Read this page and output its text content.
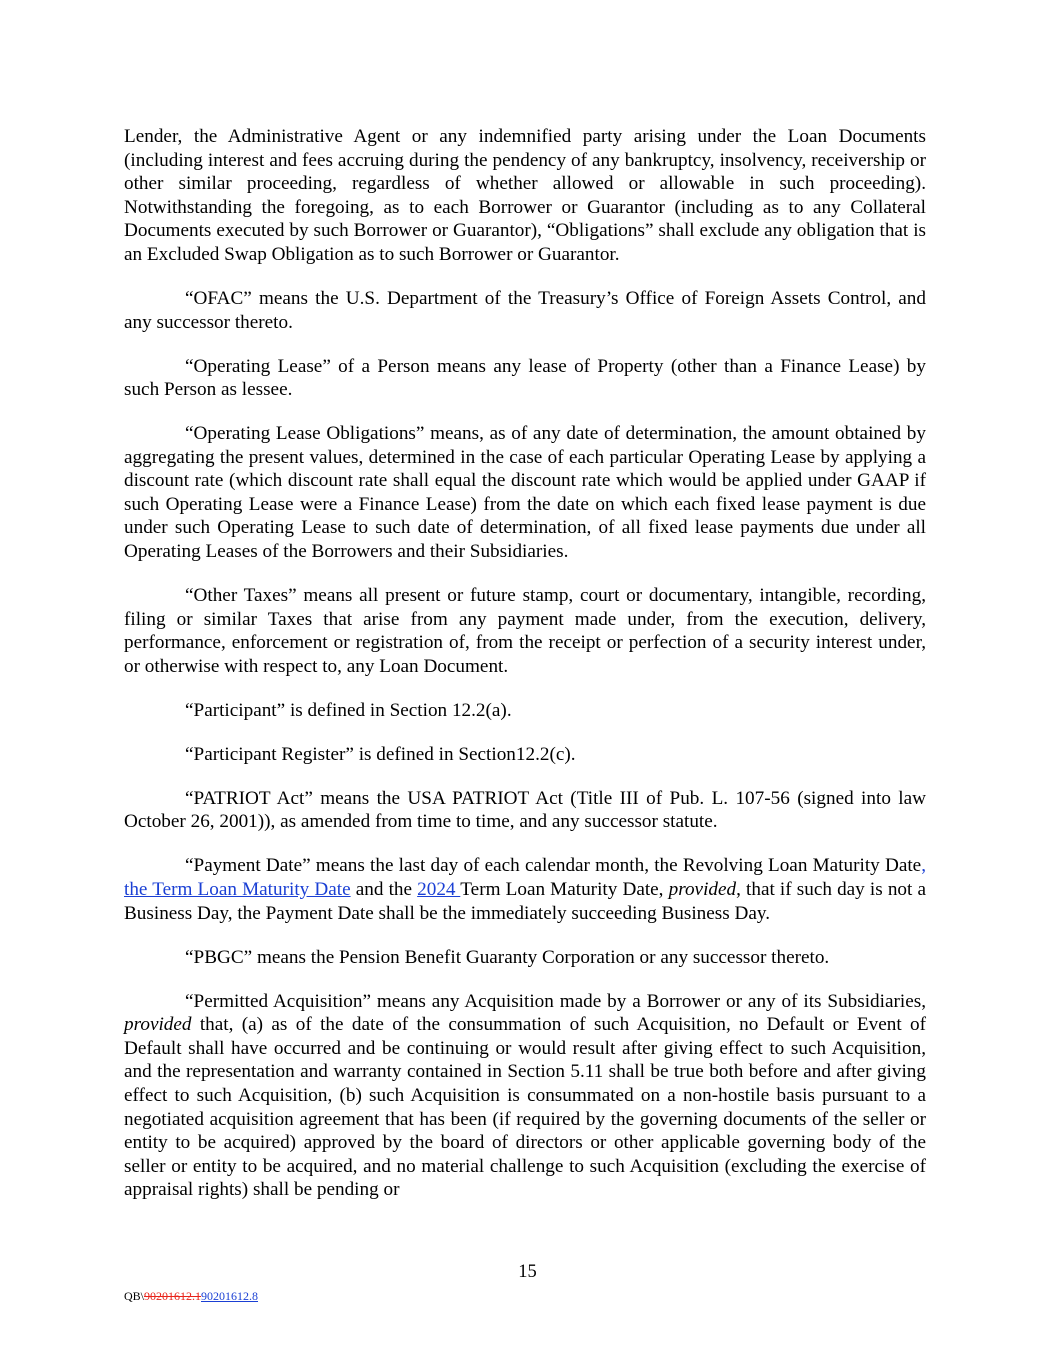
Lender, the Administrative Agent or any indemnified party arising under the Loan Documents (including interest and fees accruing during the pendency of any bankruptcy, insolvency, receivership or other similar proceeding, regardless of whether allowed or allowable in such proceeding). Notwithstanding the foregoing, as to each Borrower or Guarantor (including as to any Collateral Documents executed by such Borrower or Guarantor), “Obligations” shall exclude any obligation that is an Excluded Swap Obligation as to such Borrower or Guarantor.

“OFAC” means the U.S. Department of the Treasury’s Office of Foreign Assets Control, and any successor thereto.

“Operating Lease” of a Person means any lease of Property (other than a Finance Lease) by such Person as lessee.

“Operating Lease Obligations” means, as of any date of determination, the amount obtained by aggregating the present values, determined in the case of each particular Operating Lease by applying a discount rate (which discount rate shall equal the discount rate which would be applied under GAAP if such Operating Lease were a Finance Lease) from the date on which each fixed lease payment is due under such Operating Lease to such date of determination, of all fixed lease payments due under all Operating Leases of the Borrowers and their Subsidiaries.

“Other Taxes” means all present or future stamp, court or documentary, intangible, recording, filing or similar Taxes that arise from any payment made under, from the execution, delivery, performance, enforcement or registration of, from the receipt or perfection of a security interest under, or otherwise with respect to, any Loan Document.

“Participant” is defined in Section 12.2(a).

“Participant Register” is defined in Section12.2(c).

“PATRIOT Act” means the USA PATRIOT Act (Title III of Pub. L. 107-56 (signed into law October 26, 2001)), as amended from time to time, and any successor statute.

“Payment Date” means the last day of each calendar month, the Revolving Loan Maturity Date, the Term Loan Maturity Date and the 2024 Term Loan Maturity Date, provided, that if such day is not a Business Day, the Payment Date shall be the immediately succeeding Business Day.

“PBGC” means the Pension Benefit Guaranty Corporation or any successor thereto.

“Permitted Acquisition” means any Acquisition made by a Borrower or any of its Subsidiaries, provided that, (a) as of the date of the consummation of such Acquisition, no Default or Event of Default shall have occurred and be continuing or would result after giving effect to such Acquisition, and the representation and warranty contained in Section 5.11 shall be true both before and after giving effect to such Acquisition, (b) such Acquisition is consummated on a non-hostile basis pursuant to a negotiated acquisition agreement that has been (if required by the governing documents of the seller or entity to be acquired) approved by the board of directors or other applicable governing body of the seller or entity to be acquired, and no material challenge to such Acquisition (excluding the exercise of appraisal rights) shall be pending or

15
QB\90201612.190201612.8
